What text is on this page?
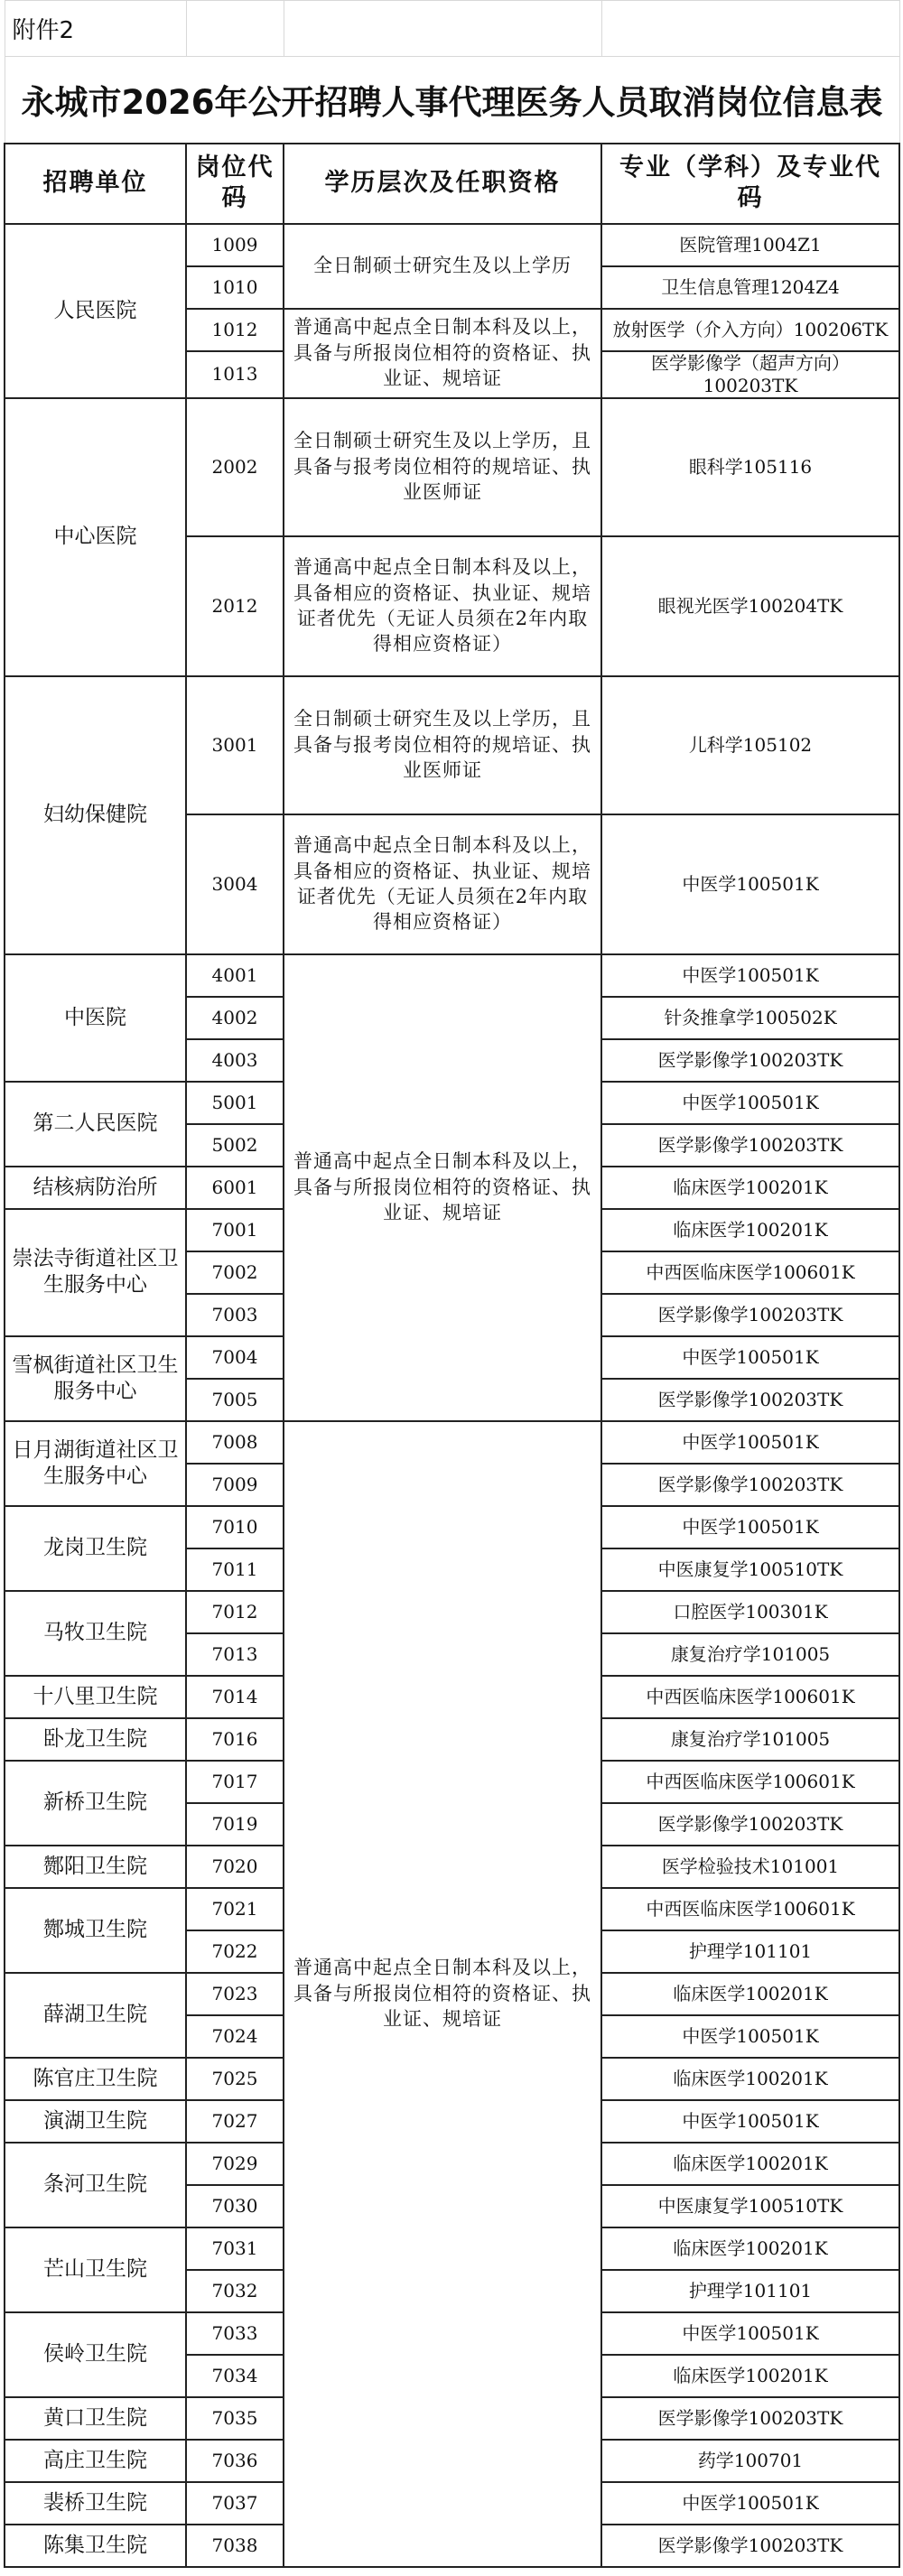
附件2			
永城市2026年公开招聘人事代理医务人员取消岗位信息表			
招聘单位	岗位代码	学历层次及任职资格	专业（学科）及专业代码
人民医院	1009	全日制硕士研究生及以上学历	医院管理1004Z1
	1010		卫生信息管理1204Z4
	1012	普通高中起点全日制本科及以上，具备与所报岗位相符的资格证、执业证、规培证	放射医学（介入方向）100206TK
	1013		医学影像学（超声方向）100203TK
中心医院	2002	全日制硕士研究生及以上学历，且具备与报考岗位相符的规培证、执业医师证	眼科学105116
	2012	普通高中起点全日制本科及以上，具备相应的资格证、执业证、规培证者优先（无证人员须在2年内取得相应资格证）	眼视光医学100204TK
妇幼保健院	3001	全日制硕士研究生及以上学历，且具备与报考岗位相符的规培证、执业医师证	儿科学105102
	3004	普通高中起点全日制本科及以上，具备相应的资格证、执业证、规培证者优先（无证人员须在2年内取得相应资格证）	中医学100501K
中医院	4001	普通高中起点全日制本科及以上，具备与所报岗位相符的资格证、执业证、规培证	中医学100501K
	4002		针灸推拿学100502K
	4003		医学影像学100203TK
第二人民医院	5001		中医学100501K
	5002		医学影像学100203TK
结核病防治所	6001		临床医学100201K
崇法寺街道社区卫生服务中心	7001		临床医学100201K
	7002		中西医临床医学100601K
	7003		医学影像学100203TK
雪枫街道社区卫生服务中心	7004		中医学100501K
	7005		医学影像学100203TK
日月湖街道社区卫生服务中心	7008	普通高中起点全日制本科及以上，具备与所报岗位相符的资格证、执业证、规培证	中医学100501K
	7009		医学影像学100203TK
龙岗卫生院	7010		中医学100501K
	7011		中医康复学100510TK
马牧卫生院	7012		口腔医学100301K
	7013		康复治疗学101005
十八里卫生院	7014		中西医临床医学100601K
卧龙卫生院	7016		康复治疗学101005
新桥卫生院	7017		中西医临床医学100601K
	7019		医学影像学100203TK
酂阳卫生院	7020		医学检验技术101001
酂城卫生院	7021		中西医临床医学100601K
	7022		护理学101101
薛湖卫生院	7023		临床医学100201K
	7024		中医学100501K
陈官庄卫生院	7025		临床医学100201K
演湖卫生院	7027		中医学100501K
条河卫生院	7029		临床医学100201K
	7030		中医康复学100510TK
芒山卫生院	7031		临床医学100201K
	7032		护理学101101
侯岭卫生院	7033		中医学100501K
	7034		临床医学100201K
黄口卫生院	7035		医学影像学100203TK
高庄卫生院	7036		药学100701
裴桥卫生院	7037		中医学100501K
陈集卫生院	7038		医学影像学100203TK
